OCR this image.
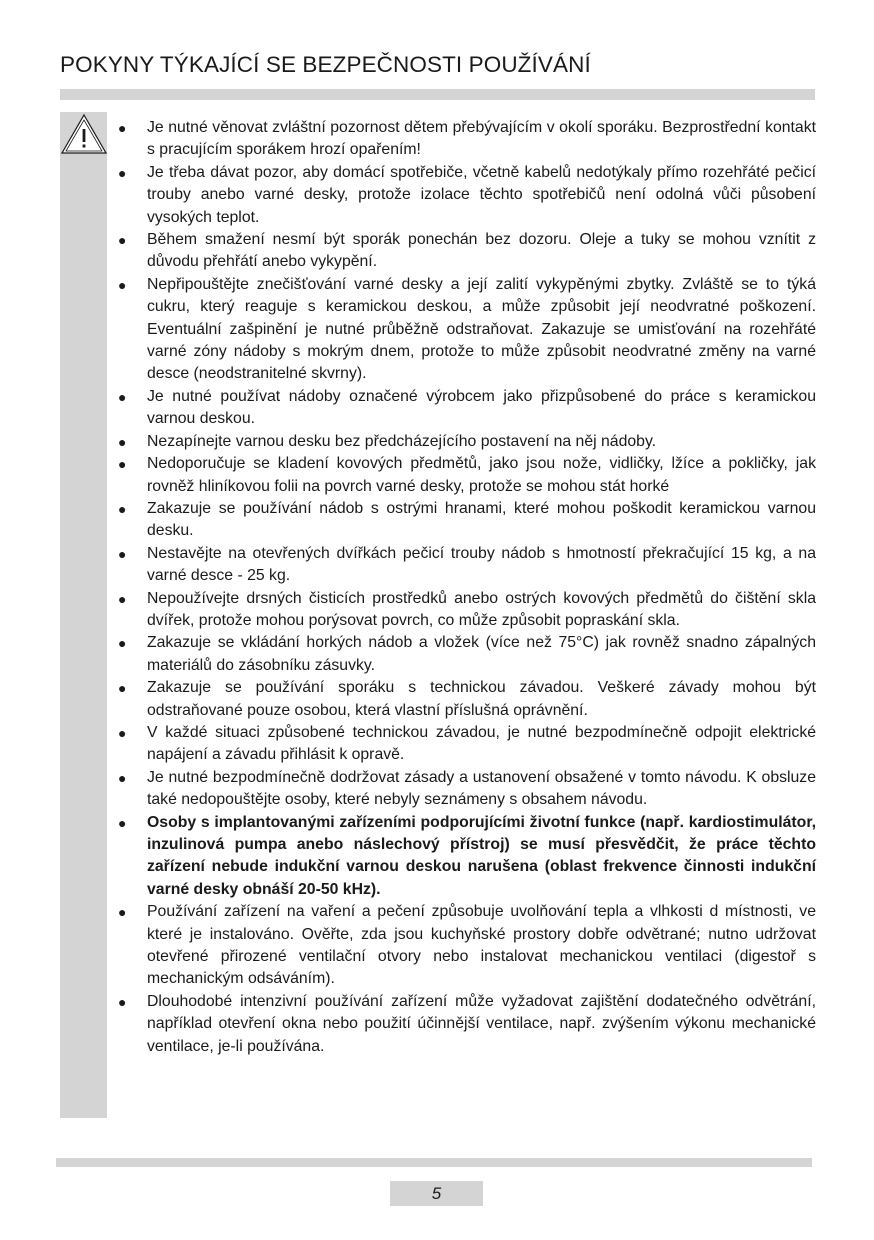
POKYNY TÝKAJÍCÍ SE BEZPEČNOSTI POUŽÍVÁNÍ
● Je nutné věnovat zvláštní pozornost dětem přebývajícím v okolí sporáku. Bezprostřední kontakt s pracujícím sporákem hrozí opařením!
● Je třeba dávat pozor, aby domácí spotřebiče, včetně kabelů nedotýkaly přímo rozehřáté pečicí trouby anebo varné desky, protože izolace těchto spotřebičů není odolná vůči působení vysokých teplot.
● Během smažení nesmí být sporák ponechán bez dozoru. Oleje a tuky se mohou vznítit z důvodu přehřátí anebo vykypění.
● Nepřipouštějte znečišťování varné desky a její zalití vykypěnými zbytky. Zvláště se to týká cukru, který reaguje s keramickou deskou, a může způsobit její neodvratné poškození. Eventuální zašpinění je nutné průběžně odstraňovat. Zakazuje se umisťování na rozehřáté varné zóny nádoby s mokrým dnem, protože to může způsobit neodvratné změny na varné desce (neodstranitelné skvrny).
● Je nutné používat nádoby označené výrobcem jako přizpůsobené do práce s keramickou varnou deskou.
● Nezapínejte varnou desku bez předcházejícího postavení na něj nádoby.
● Nedoporučuje se kladení kovových předmětů, jako jsou nože, vidličky, lžíce a pokličky, jak rovněž hliníkovou folii na povrch varné desky, protože se mohou stát horké
● Zakazuje se používání nádob s ostrými hranami, které mohou poškodit keramickou varnou desku.
● Nestavějte na otevřených dvířkách pečicí trouby nádob s hmotností překračující 15 kg, a na varné desce - 25 kg.
● Nepoužívejte drsných čisticích prostředků anebo ostrých kovových předmětů do čištění skla dvířek, protože mohou porýsovat povrch, co může způsobit popraskání skla.
● Zakazuje se vkládání horkých nádob a vložek (více než 75°C) jak rovněž snadno zápalných materiálů do zásobníku zásuvky.
● Zakazuje se používání sporáku s technickou závadou. Veškeré závady mohou být odstraňované pouze osobou, která vlastní příslušná oprávnění.
● V každé situaci způsobené technickou závadou, je nutné bezpodmínečně odpojit elektrické napájení a závadu přihlásit k opravě.
● Je nutné bezpodmínečně dodržovat zásady a ustanovení obsažené v tomto návodu. K obsluze také nedopouštějte osoby, které nebyly seznámeny s obsahem návodu.
● Osoby s implantovanými zařízeními podporujícími životní funkce (např. kardiostimulátor, inzulinová pumpa anebo náslechový přístroj) se musí přesvědčit, že práce těchto zařízení nebude indukční varnou deskou narušena (oblast frekvence činnosti indukční varné desky obnáší 20-50 kHz).
● Používání zařízení na vaření a pečení způsobuje uvolňování tepla a vlhkosti d místnosti, ve které je instalováno. Ověřte, zda jsou kuchyňské prostory dobře odvětrané; nutno udržovat otevřené přirozené ventilační otvory nebo instalovat mechanickou ventilaci (digestoř s mechanickým odsáváním).
● Dlouhodobé intenzivní používání zařízení může vyžadovat zajištění dodatečného odvětrání, například otevření okna nebo použití účinnější ventilace, např. zvýšením výkonu mechanické ventilace, je-li používána.
5
